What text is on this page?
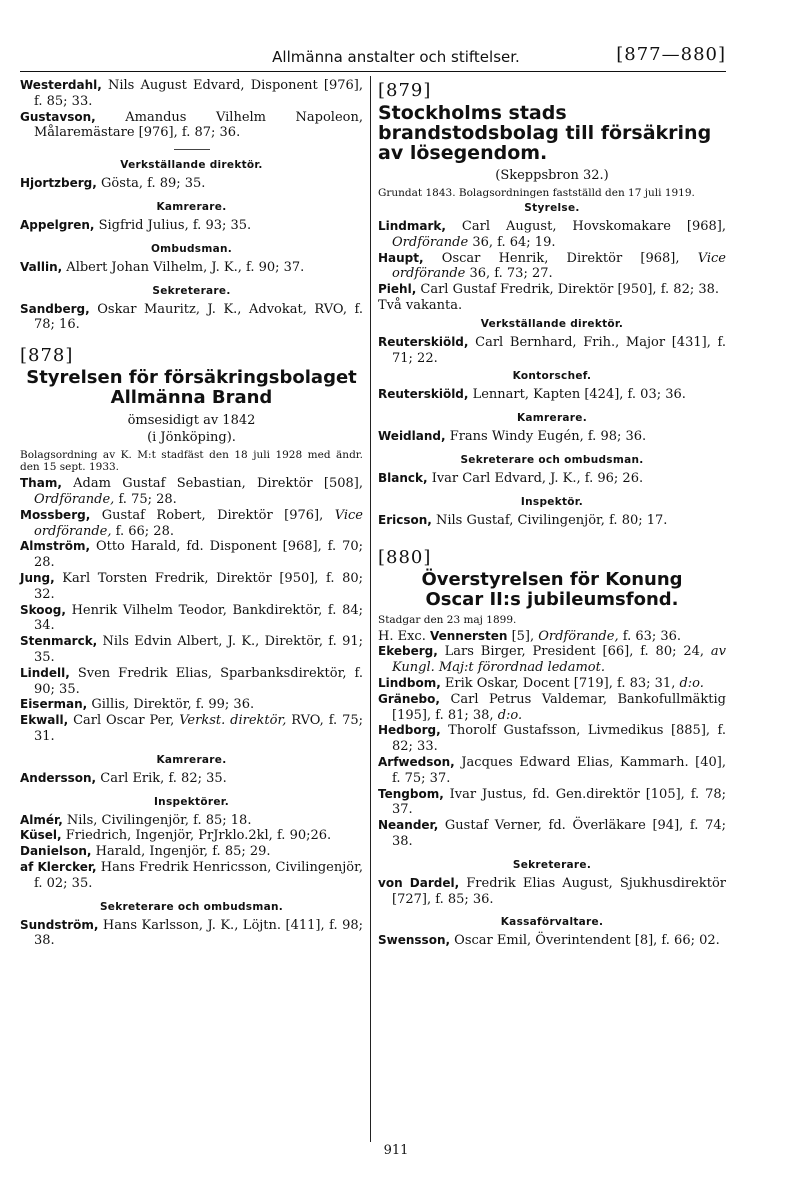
Allmänna anstalter och stiftelser.	[877—880]

Westerdahl, Nils August Edvard, Disponent [976], f. 85; 33.

Gustavson, Amandus Vilhelm Napoleon, Målaremästare [976], f. 87; 36.

Verkställande direktör.

Hjortzberg, Gösta, f. 89; 35.

Kamrerare.

Appelgren, Sigfrid Julius, f. 93; 35.

Ombudsman.

Vallin, Albert Johan Vilhelm, J. K., f. 90; 37.

Sekreterare.

Sandberg, Oskar Mauritz, J. K., Advokat, RVO, f. 78; 16.

[878]
Styrelsen för försäkringsbolaget
Allmänna Brand
ömsesidigt av 1842
(i Jönköping).

Bolagsordning av K. M:t stadfäst den 18 juli 1928 med ändr. den 15 sept. 1933.

Tham, Adam Gustaf Sebastian, Direktör [508], Ordförande, f. 75; 28.

Mossberg, Gustaf Robert, Direktör [976], Vice ordförande, f. 66; 28.

Almström, Otto Harald, fd. Disponent [968], f. 70; 28.

Jung, Karl Torsten Fredrik, Direktör [950], f. 80; 32.

Skoog, Henrik Vilhelm Teodor, Bankdirektör, f. 84; 34.

Stenmarck, Nils Edvin Albert, J. K., Direktör, f. 91; 35.

Lindell, Sven Fredrik Elias, Sparbanksdirektör, f. 90; 35.

Eiserman, Gillis, Direktör, f. 99; 36.

Ekwall, Carl Oscar Per, Verkst. direktör, RVO, f. 75; 31.

Kamrerare.

Andersson, Carl Erik, f. 82; 35.

Inspektörer.

Almér, Nils, Civilingenjör, f. 85; 18.

Küsel, Friedrich, Ingenjör, PrJrklo.2kl, f. 90;26.

Danielson, Harald, Ingenjör, f. 85; 29.

af Klercker, Hans Fredrik Henricsson, Civilingenjör, f. 02; 35.

Sekreterare och ombudsman.

Sundström, Hans Karlsson, J. K., Löjtn. [411], f. 98; 38.

[879]
Stockholms stads brandstodsbolag till försäkring av lösegendom.
(Skeppsbron 32.)

Grundat 1843. Bolagsordningen fastställd den 17 juli 1919.

Styrelse.

Lindmark, Carl August, Hovskomakare [968], Ordförande 36, f. 64; 19.

Haupt, Oscar Henrik, Direktör [968], Vice ordförande 36, f. 73; 27.

Piehl, Carl Gustaf Fredrik, Direktör [950], f. 82; 38.

Två vakanta.

Verkställande direktör.

Reuterskiöld, Carl Bernhard, Frih., Major [431], f. 71; 22.

Kontorschef.

Reuterskiöld, Lennart, Kapten [424], f. 03; 36.

Kamrerare.

Weidland, Frans Windy Eugén, f. 98; 36.

Sekreterare och ombudsman.

Blanck, Ivar Carl Edvard, J. K., f. 96; 26.

Inspektör.

Ericson, Nils Gustaf, Civilingenjör, f. 80; 17.

[880]
Överstyrelsen för Konung
Oscar II:s jubileumsfond.

Stadgar den 23 maj 1899.

H. Exc. Vennersten [5], Ordförande, f. 63; 36.

Ekeberg, Lars Birger, President [66], f. 80; 24, av Kungl. Maj:t förordnad ledamot.

Lindbom, Erik Oskar, Docent [719], f. 83; 31, d:o.

Gränebo, Carl Petrus Valdemar, Bankofullmäktig [195], f. 81; 38, d:o.

Hedborg, Thorolf Gustafsson, Livmedikus [885], f. 82; 33.

Arfwedson, Jacques Edward Elias, Kammarh. [40], f. 75; 37.

Tengbom, Ivar Justus, fd. Gen.direktör [105], f. 78; 37.

Neander, Gustaf Verner, fd. Överläkare [94], f. 74; 38.

Sekreterare.

von Dardel, Fredrik Elias August, Sjukhusdirektör [727], f. 85; 36.

Kassaförvaltare.

Swensson, Oscar Emil, Överintendent [8], f. 66; 02.

911
